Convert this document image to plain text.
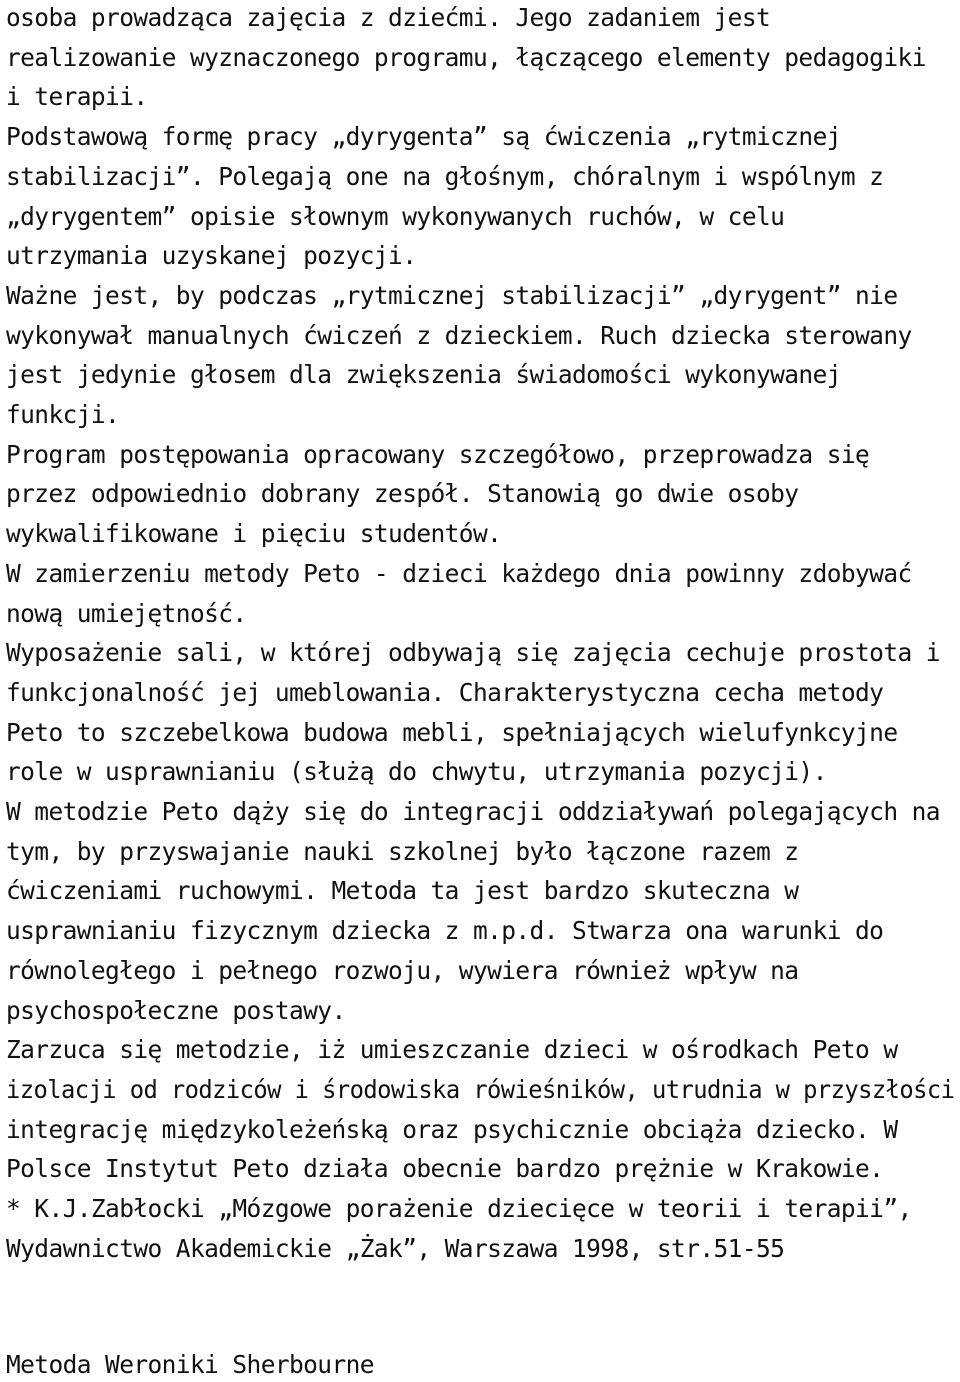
osoba prowadząca zajęcia z dziećmi. Jego zadaniem jest
realizowanie wyznaczonego programu, łączącego elementy pedagogiki
i terapii.
Podstawową formę pracy „dyrygenta” są ćwiczenia „rytmicznej
stabilizacji”. Polegają one na głośnym, chóralnym i wspólnym z
„dyrygentem” opisie słownym wykonywanych ruchów, w celu
utrzymania uzyskanej pozycji.
Ważne jest, by podczas „rytmicznej stabilizacji” „dyrygent” nie
wykonywał manualnych ćwiczeń z dzieckiem. Ruch dziecka sterowany
jest jedynie głosem dla zwiększenia świadomości wykonywanej
funkcji.
Program postępowania opracowany szczegółowo, przeprowadza się
przez odpowiednio dobrany zespół. Stanowią go dwie osoby
wykwalifikowane i pięciu studentów.
W zamierzeniu metody Peto - dzieci każdego dnia powinny zdobywać
nową umiejętność.
Wyposażenie sali, w której odbywają się zajęcia cechuje prostota i
funkcjonalność jej umeblowania. Charakterystyczna cecha metody
Peto to szczebelkowa budowa mebli, spełniających wielufynkcyjne
role w usprawnianiu (służą do chwytu, utrzymania pozycji).
W metodzie Peto dąży się do integracji oddziaływań polegających na
tym, by przyswajanie nauki szkolnej było łączone razem z
ćwiczeniami ruchowymi. Metoda ta jest bardzo skuteczna w
usprawnianiu fizycznym dziecka z m.p.d. Stwarza ona warunki do
równoległego i pełnego rozwoju, wywiera również wpływ na
psychospołeczne postawy.
Zarzuca się metodzie, iż umieszczanie dzieci w ośrodkach Peto w
izolacji od rodziców i środowiska rówieśników, utrudnia w przyszłości
integrację międzykoleżeńską oraz psychicznie obciąża dziecko. W
Polsce Instytut Peto działa obecnie bardzo prężnie w Krakowie.
* K.J.Zabłocki „Mózgowe porażenie dziecięce w teorii i terapii”,
Wydawnictwo Akademickie „Żak”, Warszawa 1998, str.51-55
Metoda Weroniki Sherbourne
